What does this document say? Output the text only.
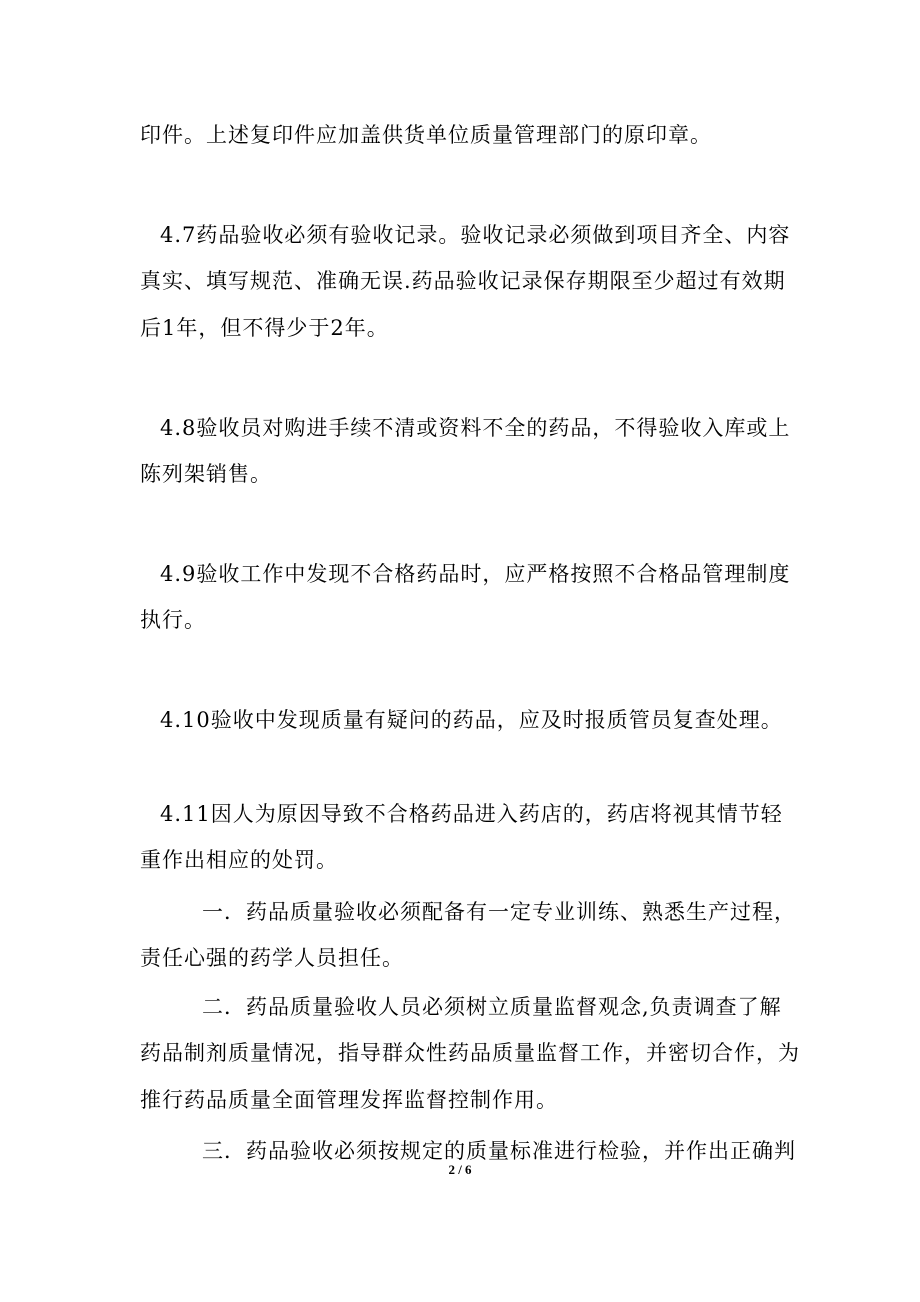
印件。上述复印件应加盖供货单位质量管理部门的原印章。
4.7药品验收必须有验收记录。验收记录必须做到项目齐全、内容
真实、填写规范、准确无误.药品验收记录保存期限至少超过有效期
后1年，但不得少于2年。
4.8验收员对购进手续不清或资料不全的药品，不得验收入库或上
陈列架销售。
4.9验收工作中发现不合格药品时，应严格按照不合格品管理制度
执行。
4.10验收中发现质量有疑问的药品，应及时报质管员复查处理。
4.11因人为原因导致不合格药品进入药店的，药店将视其情节轻
重作出相应的处罚。
一．药品质量验收必须配备有一定专业训练、熟悉生产过程，
责任心强的药学人员担任。
二．药品质量验收人员必须树立质量监督观念,负责调查了解
药品制剂质量情况，指导群众性药品质量监督工作，并密切合作，为
推行药品质量全面管理发挥监督控制作用。
三．药品验收必须按规定的质量标准进行检验，并作出正确判
2 / 6
